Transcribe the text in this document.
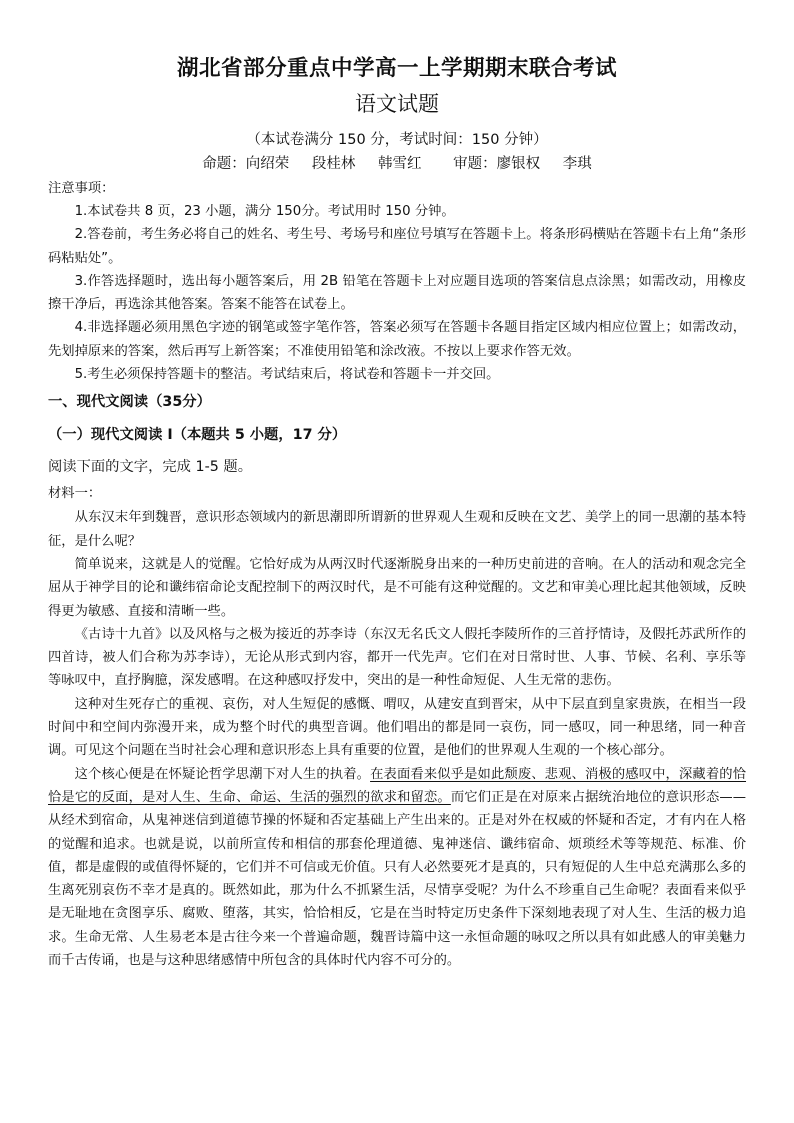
湖北省部分重点中学高一上学期期末联合考试
语文试题
（本试卷满分 150 分，考试时间：150 分钟）
命题：向绍荣 段桂林 韩雪红 审题：廖银权 李琪
注意事项：

1.本试卷共 8 页，23 小题，满分 150分。考试用时 150 分钟。

2.答卷前，考生务必将自己的姓名、考生号、考场号和座位号填写在答题卡上。将条形码横贴在答题卡右上角“条形码粘贴处”。

3.作答选择题时，选出每小题答案后，用 2B 铅笔在答题卡上对应题目选项的答案信息点涂黑；如需改动，用橡皮擦干净后，再选涂其他答案。答案不能答在试卷上。

4.非选择题必须用黑色字迹的钢笔或签字笔作答，答案必须写在答题卡各题目指定区域内相应位置上；如需改动，先划掉原来的答案，然后再写上新答案；不准使用铅笔和涂改液。不按以上要求作答无效。

5.考生必须保持答题卡的整洁。考试结束后，将试卷和答题卡一并交回。

一、现代文阅读（35分）
（一）现代文阅读 I（本题共 5 小题，17 分）
阅读下面的文字，完成 1-5 题。
材料一：

从东汉末年到魏晋，意识形态领域内的新思潮即所谓新的世界观人生观和反映在文艺、美学上的同一思潮的基本特征，是什么呢？

简单说来，这就是人的觉醒。它恰好成为从两汉时代逐渐脱身出来的一种历史前进的音响。在人的活动和观念完全屈从于神学目的论和谶纬宿命论支配控制下的两汉时代，是不可能有这种觉醒的。文艺和审美心理比起其他领域，反映得更为敏感、直接和清晰一些。

《古诗十九首》以及风格与之极为接近的苏李诗（东汉无名氏文人假托李陵所作的三首抒情诗，及假托苏武所作的四首诗，被人们合称为苏李诗），无论从形式到内容，都开一代先声。它们在对日常时世、人事、节候、名利、享乐等等咏叹中，直抒胸臆，深发感喟。在这种感叹抒发中，突出的是一种性命短促、人生无常的悲伤。

这种对生死存亡的重视、哀伤，对人生短促的感慨、喟叹，从建安直到晋宋，从中下层直到皇家贵族，在相当一段时间中和空间内弥漫开来，成为整个时代的典型音调。他们唱出的都是同一哀伤，同一感叹，同一种思绪，同一种音调。可见这个问题在当时社会心理和意识形态上具有重要的位置，是他们的世界观人生观的一个核心部分。

这个核心便是在怀疑论哲学思潮下对人生的执着。在表面看来似乎是如此颓废、悲观、消极的感叹中，深藏着的恰恰是它的反面，是对人生、生命、命运、生活的强烈的欲求和留恋。而它们正是在对原来占据统治地位的意识形态——从经术到宿命，从鬼神迷信到道德节操的怀疑和否定基础上产生出来的。正是对外在权威的怀疑和否定，才有内在人格的觉醒和追求。也就是说，以前所宣传和相信的那套伦理道德、鬼神迷信、谶纬宿命、烦琐经术等等规范、标准、价值，都是虚假的或值得怀疑的，它们并不可信或无价值。只有人必然要死才是真的，只有短促的人生中总充满那么多的生离死别哀伤不幸才是真的。既然如此，那为什么不抓紧生活，尽情享受呢？为什么不珍重自己生命呢？表面看来似乎是无耻地在贪图享乐、腐败、堕落，其实，恰恰相反，它是在当时特定历史条件下深刻地表现了对人生、生活的极力追求。生命无常、人生易老本是古往今来一个普遍命题，魏晋诗篇中这一永恒命题的咏叹之所以具有如此感人的审美魅力而千古传诵，也是与这种思绪感情中所包含的具体时代内容不可分的。
